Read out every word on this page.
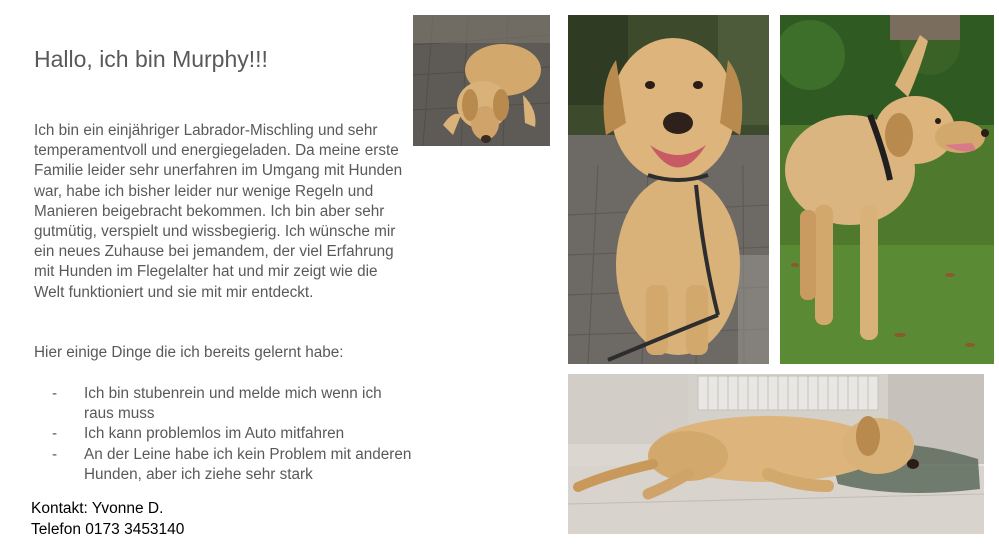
Hallo, ich bin Murphy!!!

Ich bin ein einjähriger Labrador-Mischling und sehr temperamentvoll und energiegeladen. Da meine erste Familie leider sehr unerfahren im Umgang mit Hunden war, habe ich bisher leider nur wenige Regeln und Manieren beigebracht bekommen. Ich bin aber sehr gutmütig, verspielt und wissbegierig. Ich wünsche mir ein neues Zuhause bei jemandem, der viel Erfahrung mit Hunden im Flegelalter hat und mir zeigt wie die Welt funktioniert und sie mit mir entdeckt.

Hier einige Dinge die ich bereits gelernt habe:

- Ich bin stubenrein und melde mich wenn ich raus muss
- Ich kann problemlos im Auto mitfahren
- An der Leine habe ich kein Problem mit anderen Hunden, aber ich ziehe sehr stark
Kontakt: Yvonne D.
Telefon 0173 3453140
